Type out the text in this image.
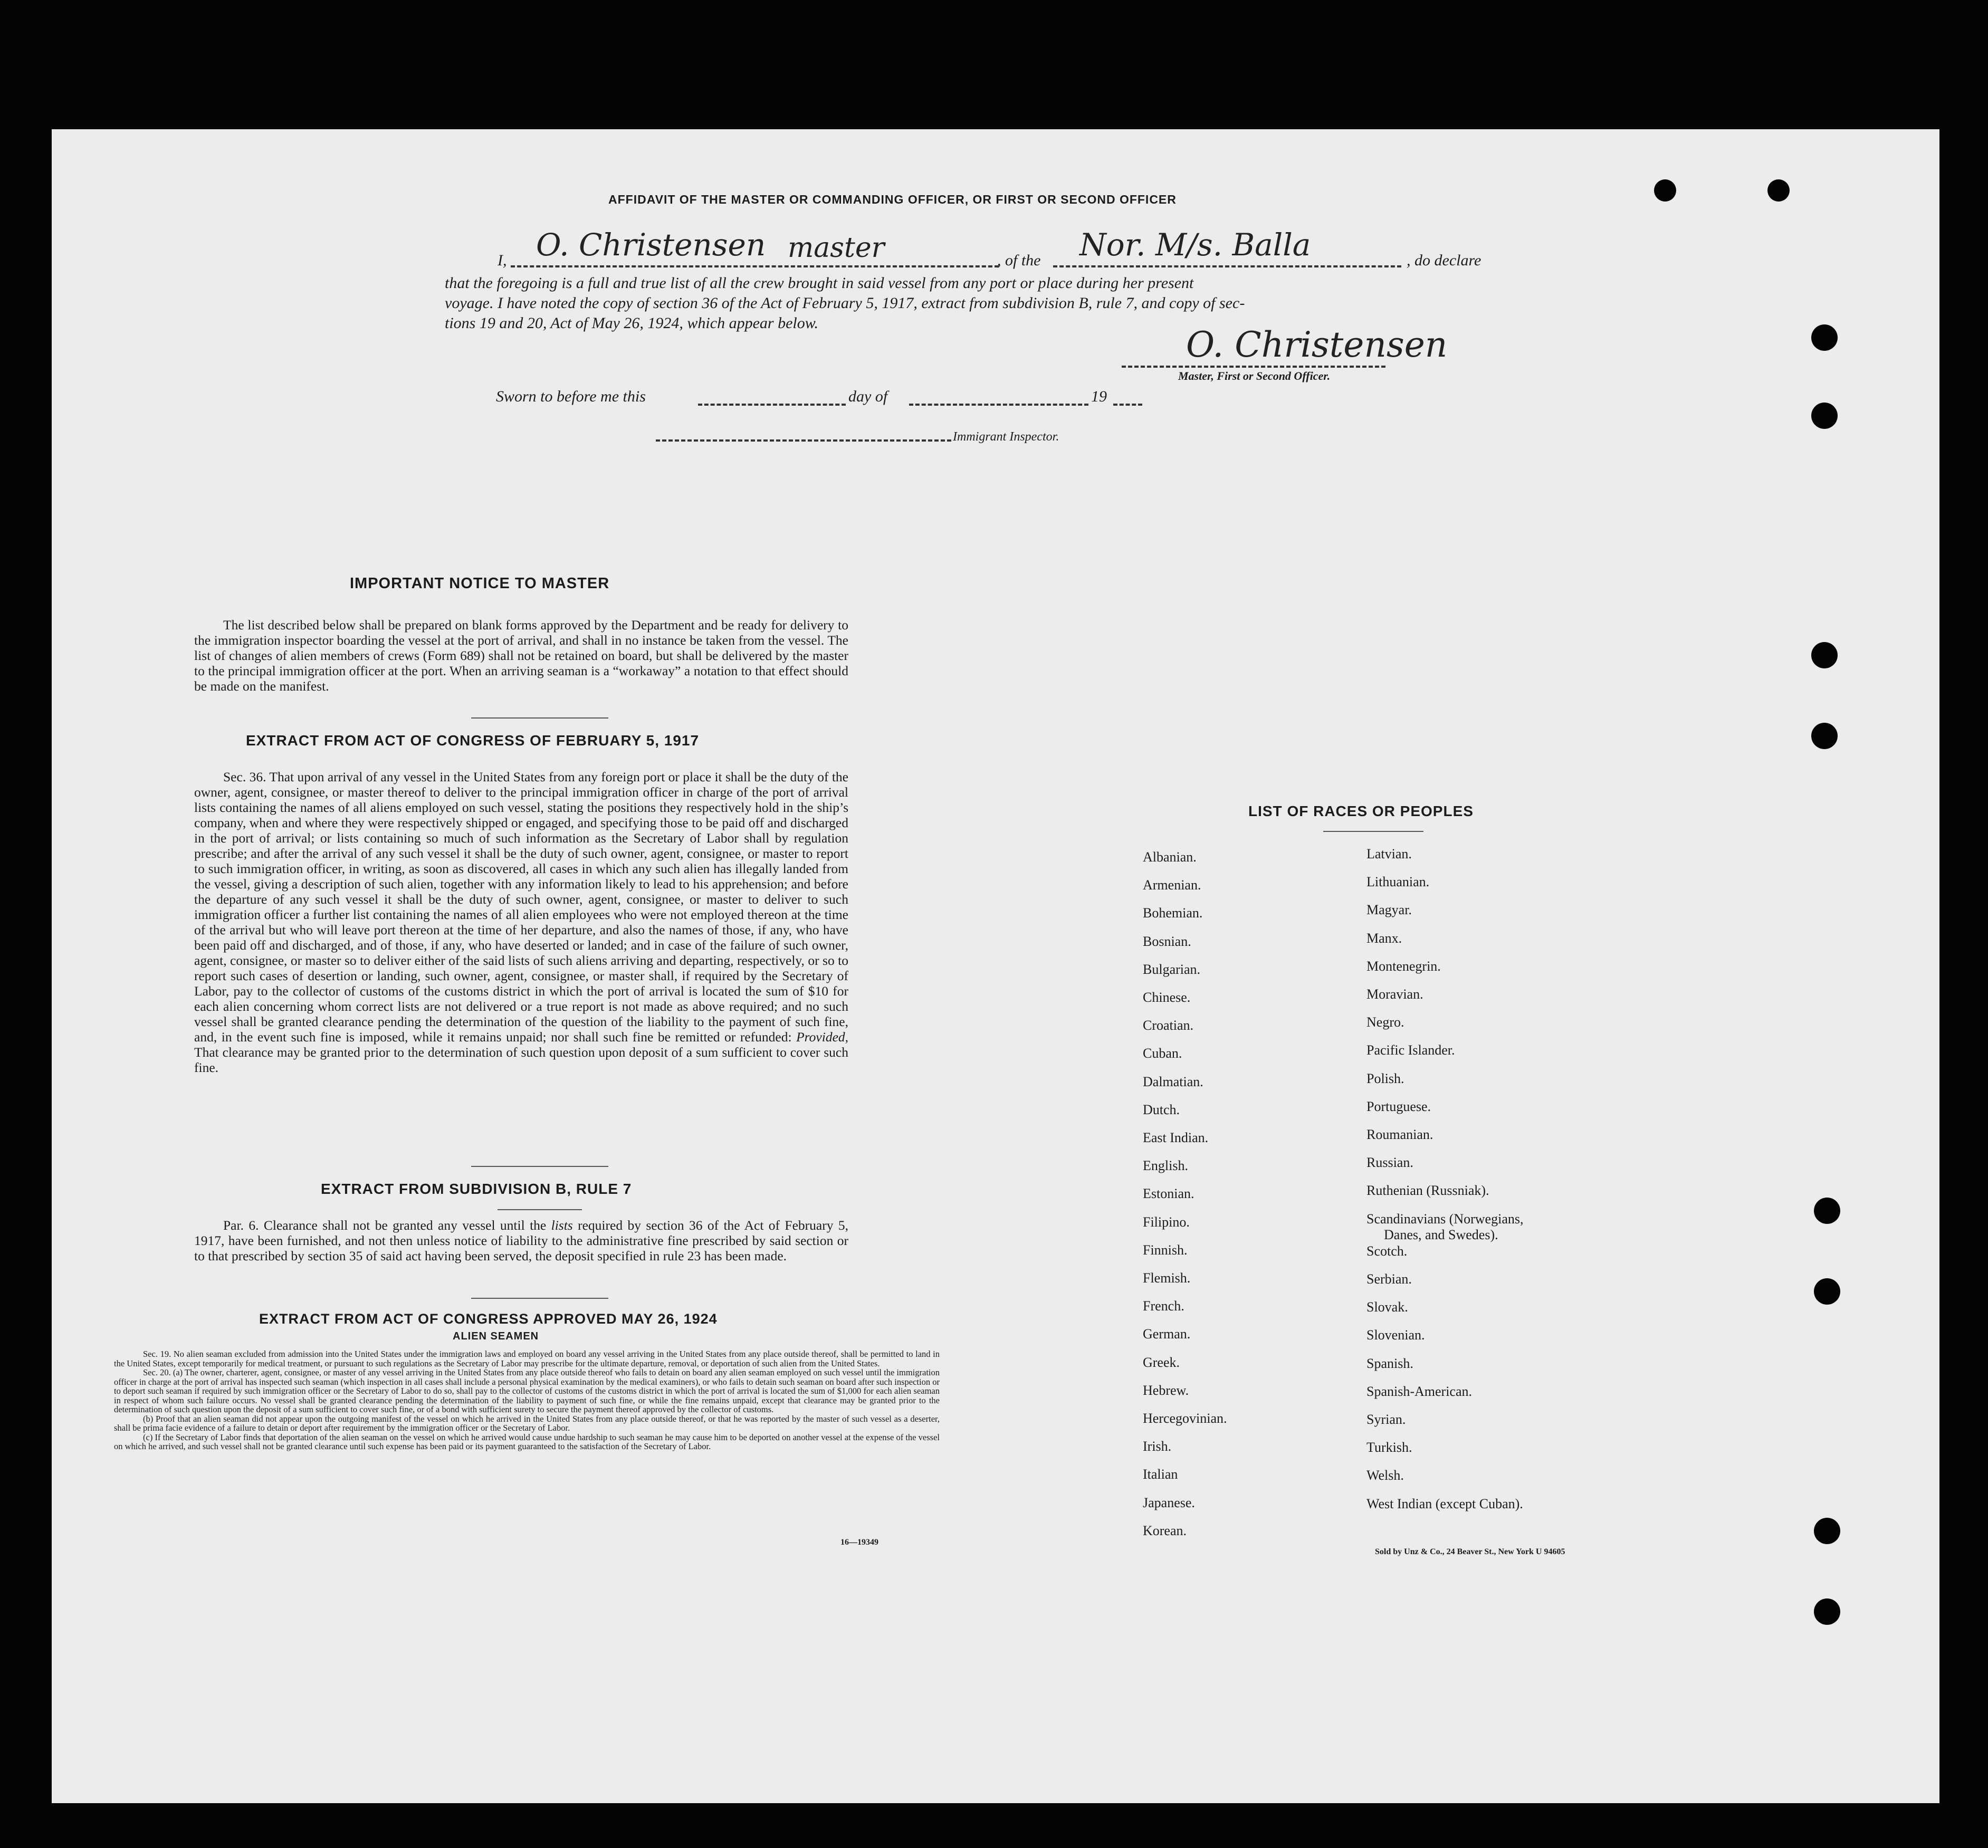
AFFIDAVIT OF THE MASTER OR COMMANDING OFFICER, OR FIRST OR SECOND OFFICER
I, O. Christensen master	, of the Nor. M/s. Balla	, do declare
that the foregoing is a full and true list of all the crew brought in said vessel from any port or place during her present
voyage. I have noted the copy of section 36 of the Act of February 5, 1917, extract from subdivision B, rule 7, and copy of sec-
tions 19 and 20, Act of May 26, 1924, which appear below.
O. Christensen
Master, First or Second Officer.
Sworn to before me this	day of	19
Immigrant Inspector.
IMPORTANT NOTICE TO MASTER
The list described below shall be prepared on blank forms approved by the Department and be ready for delivery to the immigration inspector boarding the vessel at the port of arrival, and shall in no instance be taken from the vessel. The list of changes of alien members of crews (Form 689) shall not be retained on board, but shall be delivered by the master to the principal immigration officer at the port. When an arriving seaman is a “workaway” a notation to that effect should be made on the manifest.
EXTRACT FROM ACT OF CONGRESS OF FEBRUARY 5, 1917
Sec. 36. That upon arrival of any vessel in the United States from any foreign port or place it shall be the duty of the owner, agent, consignee, or master thereof to deliver to the principal immigration officer in charge of the port of arrival lists containing the names of all aliens employed on such vessel, stating the positions they respectively hold in the ship’s company, when and where they were respectively shipped or engaged, and specifying those to be paid off and discharged in the port of arrival; or lists containing so much of such information as the Secretary of Labor shall by regulation prescribe; and after the arrival of any such vessel it shall be the duty of such owner, agent, consignee, or master to report to such immigration officer, in writing, as soon as discovered, all cases in which any such alien has illegally landed from the vessel, giving a description of such alien, together with any information likely to lead to his apprehension; and before the departure of any such vessel it shall be the duty of such owner, agent, consignee, or master to deliver to such immigration officer a further list containing the names of all alien employees who were not employed thereon at the time of the arrival but who will leave port thereon at the time of her departure, and also the names of those, if any, who have been paid off and discharged, and of those, if any, who have deserted or landed; and in case of the failure of such owner, agent, consignee, or master so to deliver either of the said lists of such aliens arriving and departing, respectively, or so to report such cases of desertion or landing, such owner, agent, consignee, or master shall, if required by the Secretary of Labor, pay to the collector of customs of the customs district in which the port of arrival is located the sum of $10 for each alien concerning whom correct lists are not delivered or a true report is not made as above required; and no such vessel shall be granted clearance pending the determination of the question of the liability to the payment of such fine, and, in the event such fine is imposed, while it remains unpaid; nor shall such fine be remitted or refunded: Provided, That clearance may be granted prior to the determination of such question upon deposit of a sum sufficient to cover such fine.
EXTRACT FROM SUBDIVISION B, RULE 7
Par. 6. Clearance shall not be granted any vessel until the lists required by section 36 of the Act of February 5, 1917, have been furnished, and not then unless notice of liability to the administrative fine prescribed by said section or to that prescribed by section 35 of said act having been served, the deposit specified in rule 23 has been made.
EXTRACT FROM ACT OF CONGRESS APPROVED MAY 26, 1924
ALIEN SEAMEN
Sec. 19. No alien seaman excluded from admission into the United States under the immigration laws and employed on board any vessel arriving in the United States from any place outside thereof, shall be permitted to land in the United States, except temporarily for medical treatment, or pursuant to such regulations as the Secretary of Labor may prescribe for the ultimate departure, removal, or deportation of such alien from the United States.
Sec. 20. (a) The owner, charterer, agent, consignee, or master of any vessel arriving in the United States from any place outside thereof who fails to detain on board any alien seaman employed on such vessel until the immigration officer in charge at the port of arrival has inspected such seaman (which inspection in all cases shall include a personal physical examination by the medical examiners), or who fails to detain such seaman on board after such inspection or to deport such seaman if required by such immigration officer or the Secretary of Labor to do so, shall pay to the collector of customs of the customs district in which the port of arrival is located the sum of $1,000 for each alien seaman in respect of whom such failure occurs. No vessel shall be granted clearance pending the determination of the liability to payment of such fine, or while the fine remains unpaid, except that clearance may be granted prior to the determination of such question upon the deposit of a sum sufficient to cover such fine, or of a bond with sufficient surety to secure the payment thereof approved by the collector of customs.
(b) Proof that an alien seaman did not appear upon the outgoing manifest of the vessel on which he arrived in the United States from any place outside thereof, or that he was reported by the master of such vessel as a deserter, shall be prima facie evidence of a failure to detain or deport after requirement by the immigration officer or the Secretary of Labor.
(c) If the Secretary of Labor finds that deportation of the alien seaman on the vessel on which he arrived would cause undue hardship to such seaman he may cause him to be deported on another vessel at the expense of the vessel on which he arrived, and such vessel shall not be granted clearance until such expense has been paid or its payment guaranteed to the satisfaction of the Secretary of Labor.
16—19349
LIST OF RACES OR PEOPLES
Albanian.
Armenian.
Bohemian.
Bosnian.
Bulgarian.
Chinese.
Croatian.
Cuban.
Dalmatian.
Dutch.
East Indian.
English.
Estonian.
Filipino.
Finnish.
Flemish.
French.
German.
Greek.
Hebrew.
Hercegovinian.
Irish.
Italian
Japanese.
Korean.
Latvian.
Lithuanian.
Magyar.
Manx.
Montenegrin.
Moravian.
Negro.
Pacific Islander.
Polish.
Portuguese.
Roumanian.
Russian.
Ruthenian (Russniak).
Scandinavians (Norwegians,
Danes, and Swedes).
Scotch.
Serbian.
Slovak.
Slovenian.
Spanish.
Spanish-American.
Syrian.
Turkish.
Welsh.
West Indian (except Cuban).
Sold by Unz & Co., 24 Beaver St., New York U 94605
